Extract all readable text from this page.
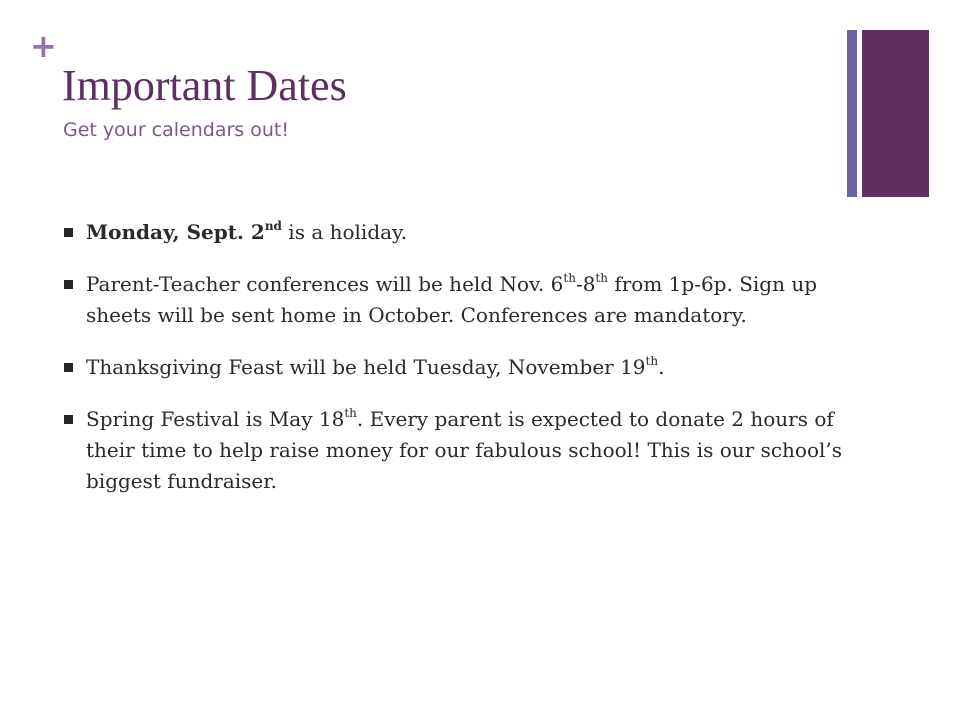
+
Important Dates
Get your calendars out!
Monday, Sept. 2nd is a holiday.
Parent-Teacher conferences will be held Nov. 6th-8th from 1p-6p. Sign up sheets will be sent home in October. Conferences are mandatory.
Thanksgiving Feast will be held Tuesday, November 19th.
Spring Festival is May 18th. Every parent is expected to donate 2 hours of their time to help raise money for our fabulous school! This is our school’s biggest fundraiser.
